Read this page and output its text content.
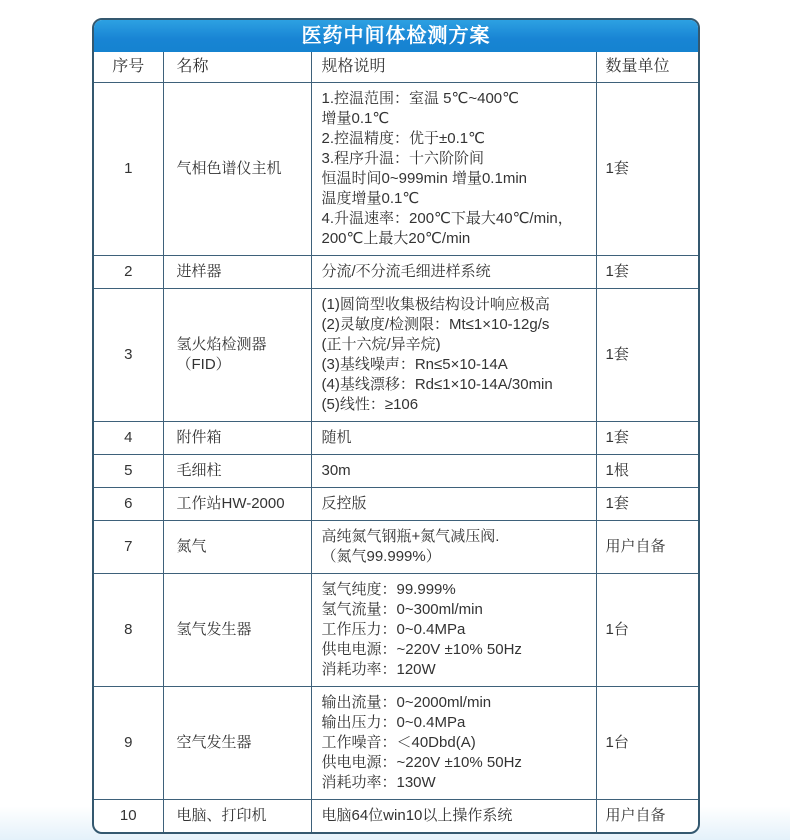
医药中间体检测方案
序号	名称	规格说明	数量单位
1	气相色谱仪主机	
1.控温范围：室温 5℃~400℃
增量0.1℃
2.控温精度：优于±0.1℃
3.程序升温：十六阶阶间
恒温时间0~999min 增量0.1min
温度增量0.1℃
4.升温速率：200℃下最大40℃/min，
200℃上最大20℃/min
	1套
2	进样器	分流/不分流毛细进样系统	1套
3	氢火焰检测器（FID）	
(1)圆筒型收集极结构设计响应极高
(2)灵敏度/检测限：Mt≤1×10-12g/s
(正十六烷/异辛烷)
(3)基线噪声：Rn≤5×10-14A
(4)基线漂移：Rd≤1×10-14A/30min
(5)线性：≥106
	1套
4	附件箱	随机	1套
5	毛细柱	30m	1根
6	工作站HW-2000	反控版	1套
7	氮气	高纯氮气钢瓶+氮气减压阀.
（氮气99.999%）	用户自备
8	氢气发生器	氢气纯度：99.999%
氢气流量：0~300ml/min
工作压力：0~0.4MPa
供电电源：~220V ±10% 50Hz
消耗功率：120W	1台
9	空气发生器	输出流量：0~2000ml/min
输出压力：0~0.4MPa
工作噪音：＜40Dbd(A)
供电电源：~220V ±10% 50Hz
消耗功率：130W	1台
10	电脑、打印机	电脑64位win10以上操作系统	用户自备
